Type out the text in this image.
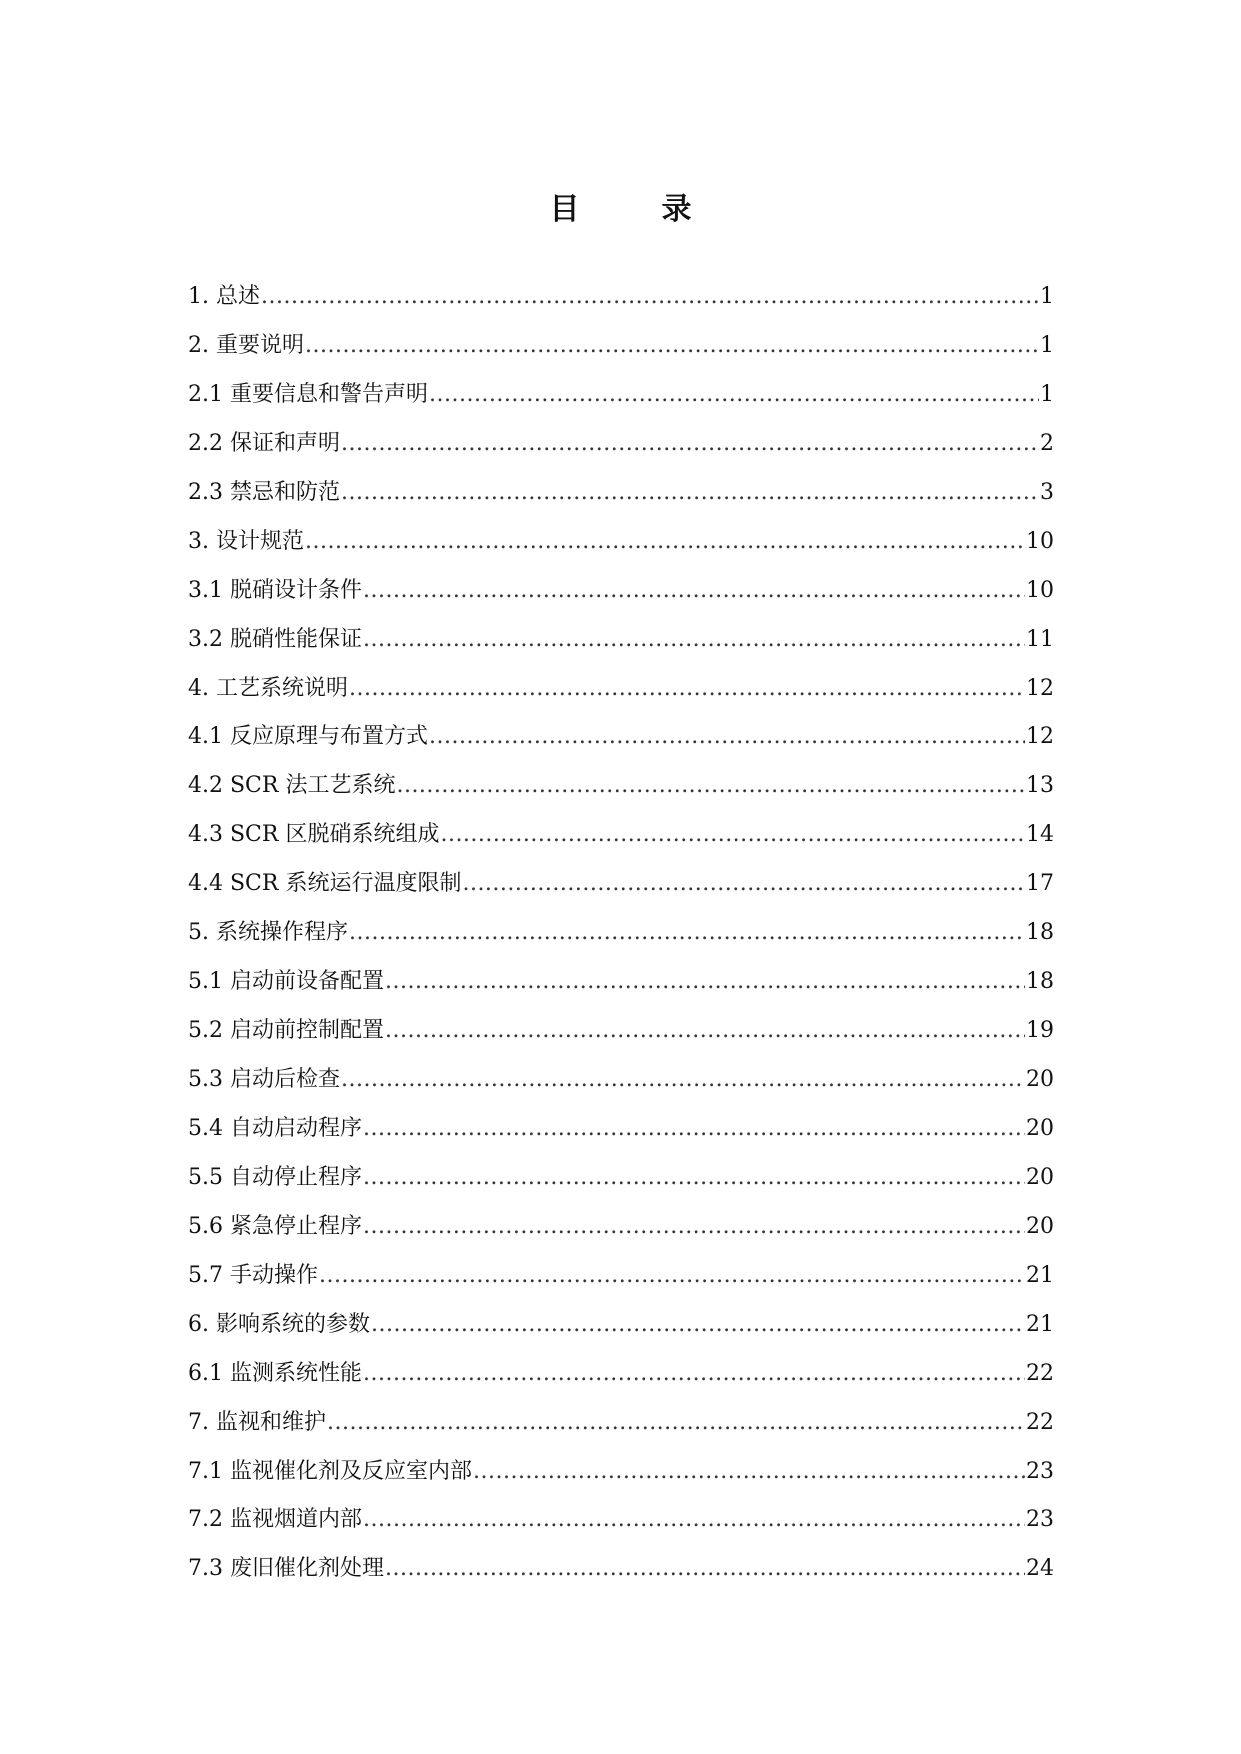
目　录
1. 总述 .....	1
2. 重要说明 .....	1
2.1 重要信息和警告声明 .....	1
2.2 保证和声明 .....	2
2.3 禁忌和防范 .....	3
3. 设计规范 .....	10
3.1 脱硝设计条件 .....	10
3.2 脱硝性能保证 .....	11
4. 工艺系统说明 .....	12
4.1 反应原理与布置方式 .....	12
4.2 SCR 法工艺系统 .....	13
4.3 SCR 区脱硝系统组成 .....	14
4.4 SCR 系统运行温度限制 .....	17
5. 系统操作程序 .....	18
5.1 启动前设备配置 .....	18
5.2 启动前控制配置 .....	19
5.3 启动后检查 .....	20
5.4 自动启动程序 .....	20
5.5 自动停止程序 .....	20
5.6 紧急停止程序 .....	20
5.7 手动操作 .....	21
6. 影响系统的参数 .....	21
6.1 监测系统性能 .....	22
7. 监视和维护 .....	22
7.1 监视催化剂及反应室内部 .....	23
7.2 监视烟道内部 .....	23
7.3 废旧催化剂处理 .....	24
